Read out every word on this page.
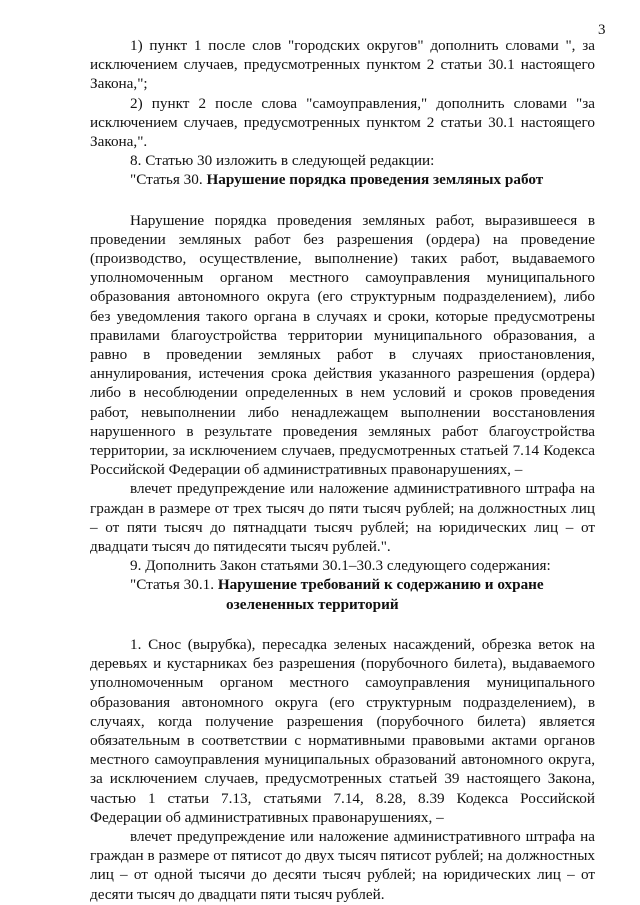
3

1) пункт 1 после слов "городских округов" дополнить словами ", за исключением случаев, предусмотренных пунктом 2 статьи 30.1 настоящего Закона,";

2) пункт 2 после слова "самоуправления," дополнить словами "за исключением случаев, предусмотренных пунктом 2 статьи 30.1 настоящего Закона,".

8. Статью 30 изложить в следующей редакции:

"Статья 30. Нарушение порядка проведения земляных работ

Нарушение порядка проведения земляных работ, выразившееся в проведении земляных работ без разрешения (ордера) на проведение (производство, осуществление, выполнение) таких работ, выдаваемого уполномоченным органом местного самоуправления муниципального образования автономного округа (его структурным подразделением), либо без уведомления такого органа в случаях и сроки, которые предусмотрены правилами благоустройства территории муниципального образования, а равно в проведении земляных работ в случаях приостановления, аннулирования, истечения срока действия указанного разрешения (ордера) либо в несоблюдении определенных в нем условий и сроков проведения работ, невыполнении либо ненадлежащем выполнении восстановления нарушенного в результате проведения земляных работ благоустройства территории, за исключением случаев, предусмотренных статьей 7.14 Кодекса Российской Федерации об административных правонарушениях, –

влечет предупреждение или наложение административного штрафа на граждан в размере от трех тысяч до пяти тысяч рублей; на должностных лиц – от пяти тысяч до пятнадцати тысяч рублей; на юридических лиц – от двадцати тысяч до пятидесяти тысяч рублей.".

9. Дополнить Закон статьями 30.1–30.3 следующего содержания:

"Статья 30.1. Нарушение требований к содержанию и охране

озелененных территорий

1. Снос (вырубка), пересадка зеленых насаждений, обрезка веток на деревьях и кустарниках без разрешения (порубочного билета), выдаваемого уполномоченным органом местного самоуправления муниципального образования автономного округа (его структурным подразделением), в случаях, когда получение разрешения (порубочного билета) является обязательным в соответствии с нормативными правовыми актами органов местного самоуправления муниципальных образований автономного округа, за исключением случаев, предусмотренных статьей 39 настоящего Закона, частью 1 статьи 7.13, статьями 7.14, 8.28, 8.39 Кодекса Российской Федерации об административных правонарушениях, –

влечет предупреждение или наложение административного штрафа на граждан в размере от пятисот до двух тысяч пятисот рублей; на должностных лиц – от одной тысячи до десяти тысяч рублей; на юридических лиц – от десяти тысяч до двадцати пяти тысяч рублей.
